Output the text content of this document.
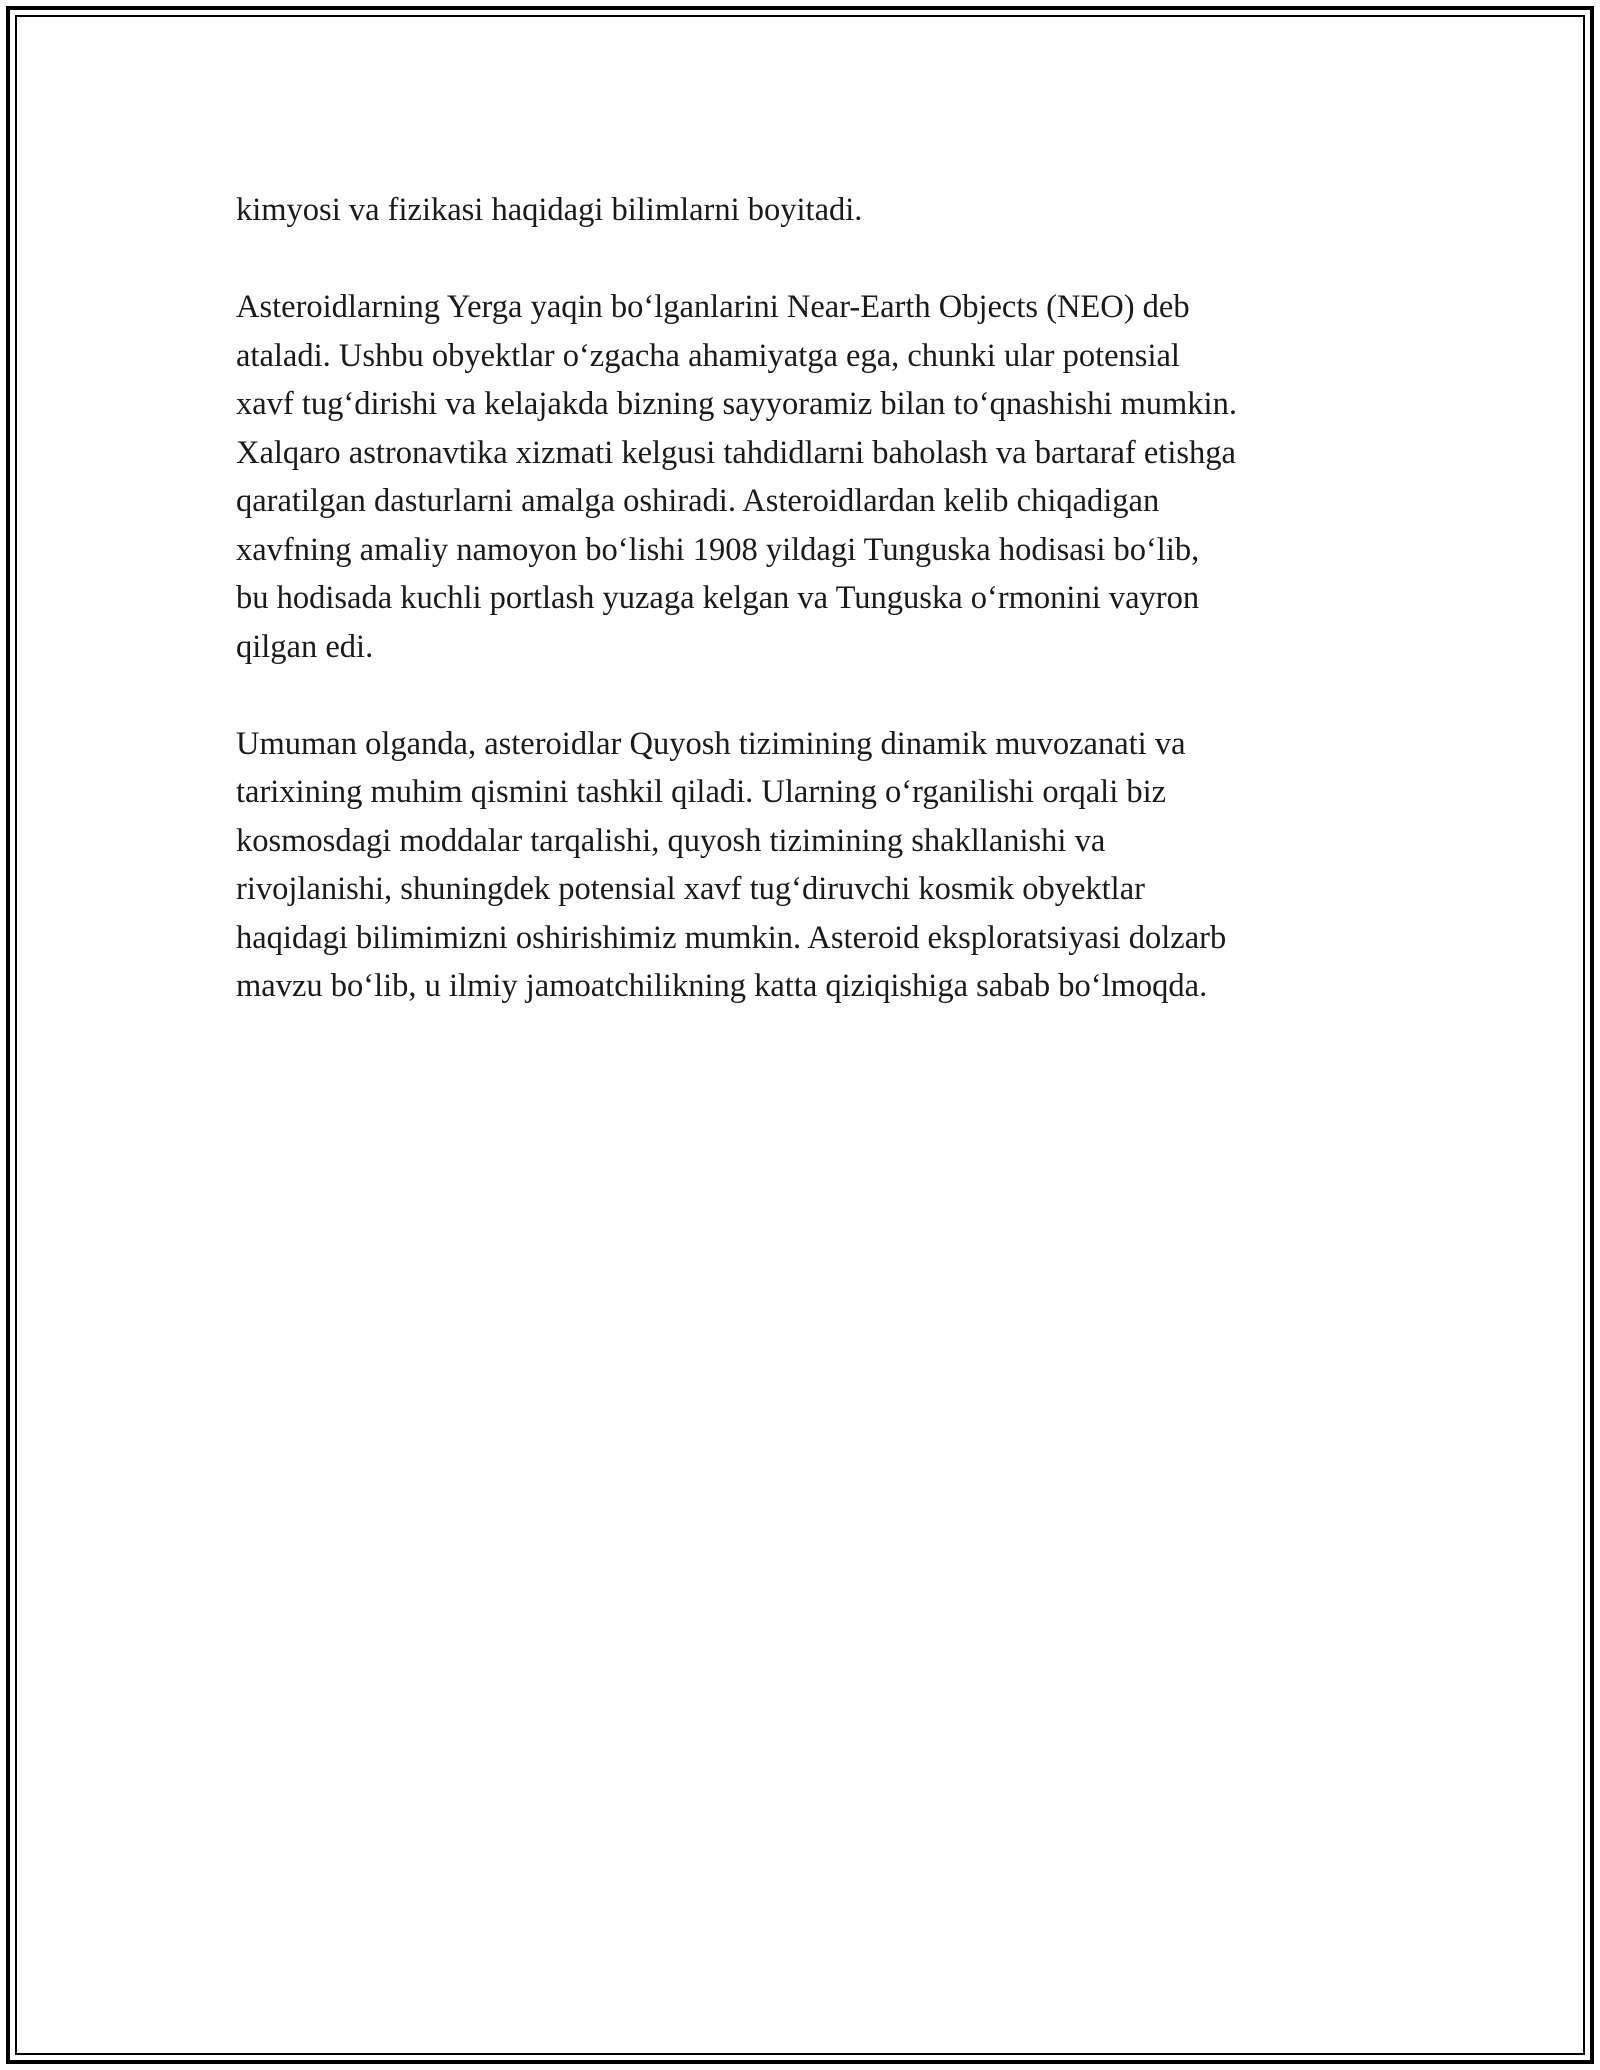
kimyosi va fizikasi haqidagi bilimlarni boyitadi.
Asteroidlarning Yerga yaqin bo‘lganlarini Near-Earth Objects (NEO) deb
ataladi. Ushbu obyektlar o‘zgacha ahamiyatga ega, chunki ular potensial
xavf tug‘dirishi va kelajakda bizning sayyoramiz bilan to‘qnashishi mumkin.
Xalqaro astronavtika xizmati kelgusi tahdidlarni baholash va bartaraf etishga
qaratilgan dasturlarni amalga oshiradi. Asteroidlardan kelib chiqadigan
xavfning amaliy namoyon bo‘lishi 1908 yildagi Tunguska hodisasi bo‘lib,
bu hodisada kuchli portlash yuzaga kelgan va Tunguska o‘rmonini vayron
qilgan edi.
Umuman olganda, asteroidlar Quyosh tizimining dinamik muvozanati va
tarixining muhim qismini tashkil qiladi. Ularning o‘rganilishi orqali biz
kosmosdagi moddalar tarqalishi, quyosh tizimining shakllanishi va
rivojlanishi, shuningdek potensial xavf tug‘diruvchi kosmik obyektlar
haqidagi bilimimizni oshirishimiz mumkin. Asteroid eksploratsiyasi dolzarb
mavzu bo‘lib, u ilmiy jamoatchilikning katta qiziqishiga sabab bo‘lmoqda.
